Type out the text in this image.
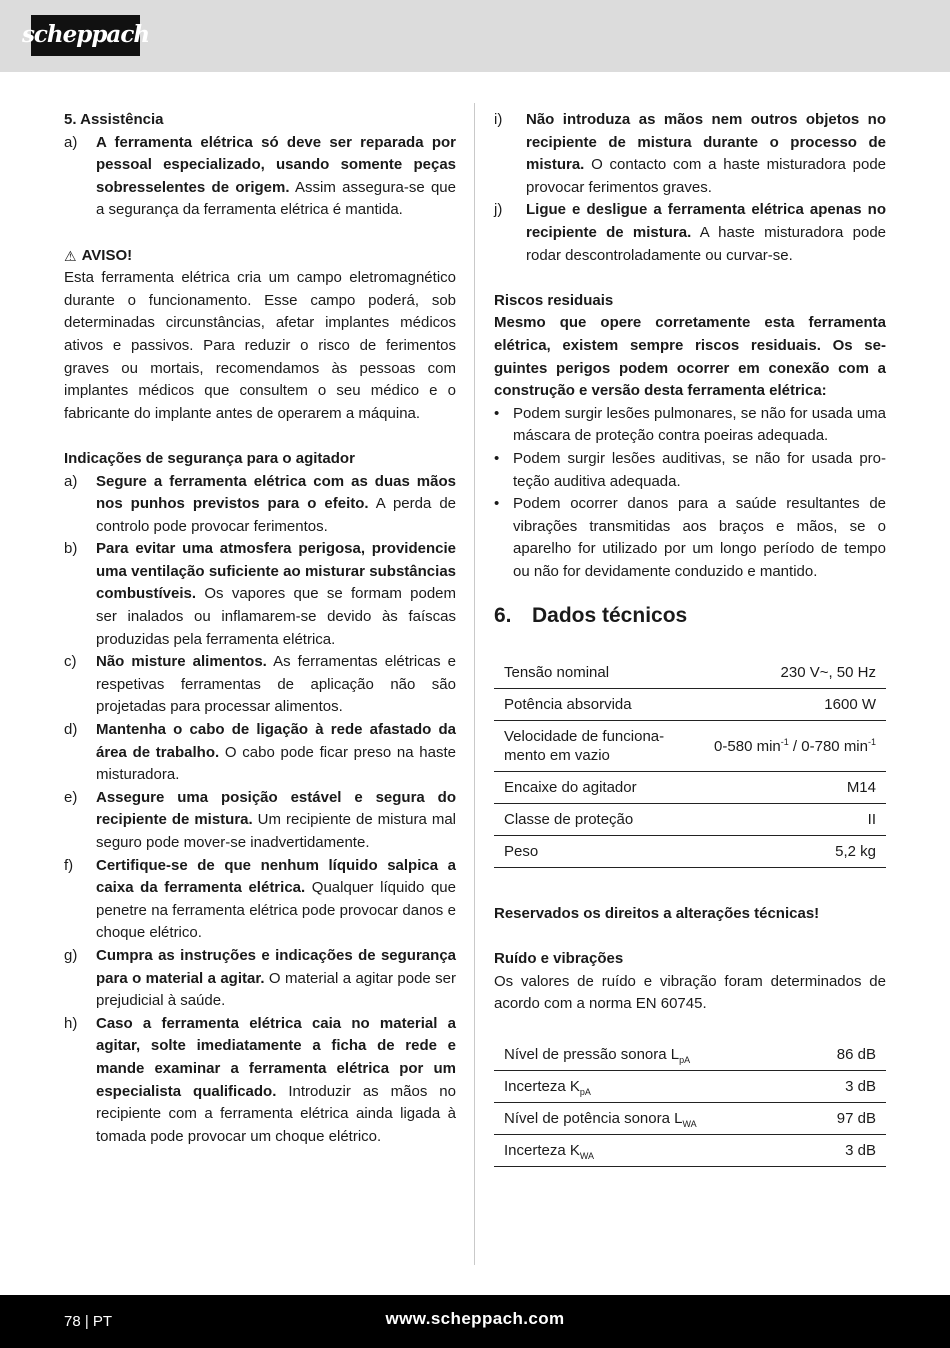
scheppach

5. Assistência

a)	A ferramenta elétrica só deve ser reparada por pessoal especializado, usando somente peças sobresselentes de origem. Assim assegura-se que a segurança da ferramenta elétrica é mantida.

⚠ AVISO!

Esta ferramenta elétrica cria um campo eletromagnético durante o funcionamento. Esse campo poderá, sob determinadas circunstâncias, afetar implantes médicos ativos e passivos. Para reduzir o risco de ferimentos graves ou mortais, recomendamos às pessoas com implantes médicos que consultem o seu médico e o fabricante do implante antes de operarem a máquina.

Indicações de segurança para o agitador

a)	Segure a ferramenta elétrica com as duas mãos nos punhos previstos para o efeito. A perda de controlo pode provocar ferimentos.
b)	Para evitar uma atmosfera perigosa, providencie uma ventilação suficiente ao misturar substâncias combustíveis. Os vapores que se formam podem ser inalados ou inflamarem-se devido às faíscas produzidas pela ferramenta elétrica.
c)	Não misture alimentos. As ferramentas elétricas e respetivas ferramentas de aplicação não são projetadas para processar alimentos.
d)	Mantenha o cabo de ligação à rede afastado da área de trabalho. O cabo pode ficar preso na haste misturadora.
e)	Assegure uma posição estável e segura do recipiente de mistura. Um recipiente de mistura mal seguro pode mover-se inadvertidamente.
f)	Certifique-se de que nenhum líquido salpica a caixa da ferramenta elétrica. Qualquer líquido que penetre na ferramenta elétrica pode provocar danos e choque elétrico.
g)	Cumpra as instruções e indicações de segurança para o material a agitar. O material a agitar pode ser prejudicial à saúde.
h)	Caso a ferramenta elétrica caia no material a agitar, solte imediatamente a ficha de rede e mande examinar a ferramenta elétrica por um especialista qualificado. Introduzir as mãos no recipiente com a ferramenta elétrica ainda ligada à tomada pode provocar um choque elétrico.
i)	Não introduza as mãos nem outros objetos no recipiente de mistura durante o processo de mistura. O contacto com a haste misturadora pode provocar ferimentos graves.
j)	Ligue e desligue a ferramenta elétrica apenas no recipiente de mistura. A haste misturadora pode rodar descontroladamente ou curvar-se.

Riscos residuais

Mesmo que opere corretamente esta ferramenta elétrica, existem sempre riscos residuais. Os seguintes perigos podem ocorrer em conexão com a construção e versão desta ferramenta elétrica:

• Podem surgir lesões pulmonares, se não for usada uma máscara de proteção contra poeiras adequada.
• Podem surgir lesões auditivas, se não for usada proteção auditiva adequada.
• Podem ocorrer danos para a saúde resultantes de vibrações transmitidas aos braços e mãos, se o aparelho for utilizado por um longo período de tempo ou não for devidamente conduzido e mantido.
6. Dados técnicos
Tensão nominal	230 V~, 50 Hz
Potência absorvida	1600 W
Velocidade de funcionamento em vazio	0-580 $\min^{-1} / 0-780$ $\min^{-1}$
Encaixe do agitador	M14
Classe de proteção	II
Peso	5,2 kg

Reservados os direitos a alterações técnicas!

Ruído e vibrações

Os valores de ruído e vibração foram determinados de acordo com a norma EN 60745.

Nível de pressão sonora $L_{pA}$	86 dB
Incerteza $K_{pA}$	3 dB
Nível de potência sonora $L_{WA}$	97 dB
Incerteza $K_{WA}$	3 dB
78 | PT	www.scheppach.com
